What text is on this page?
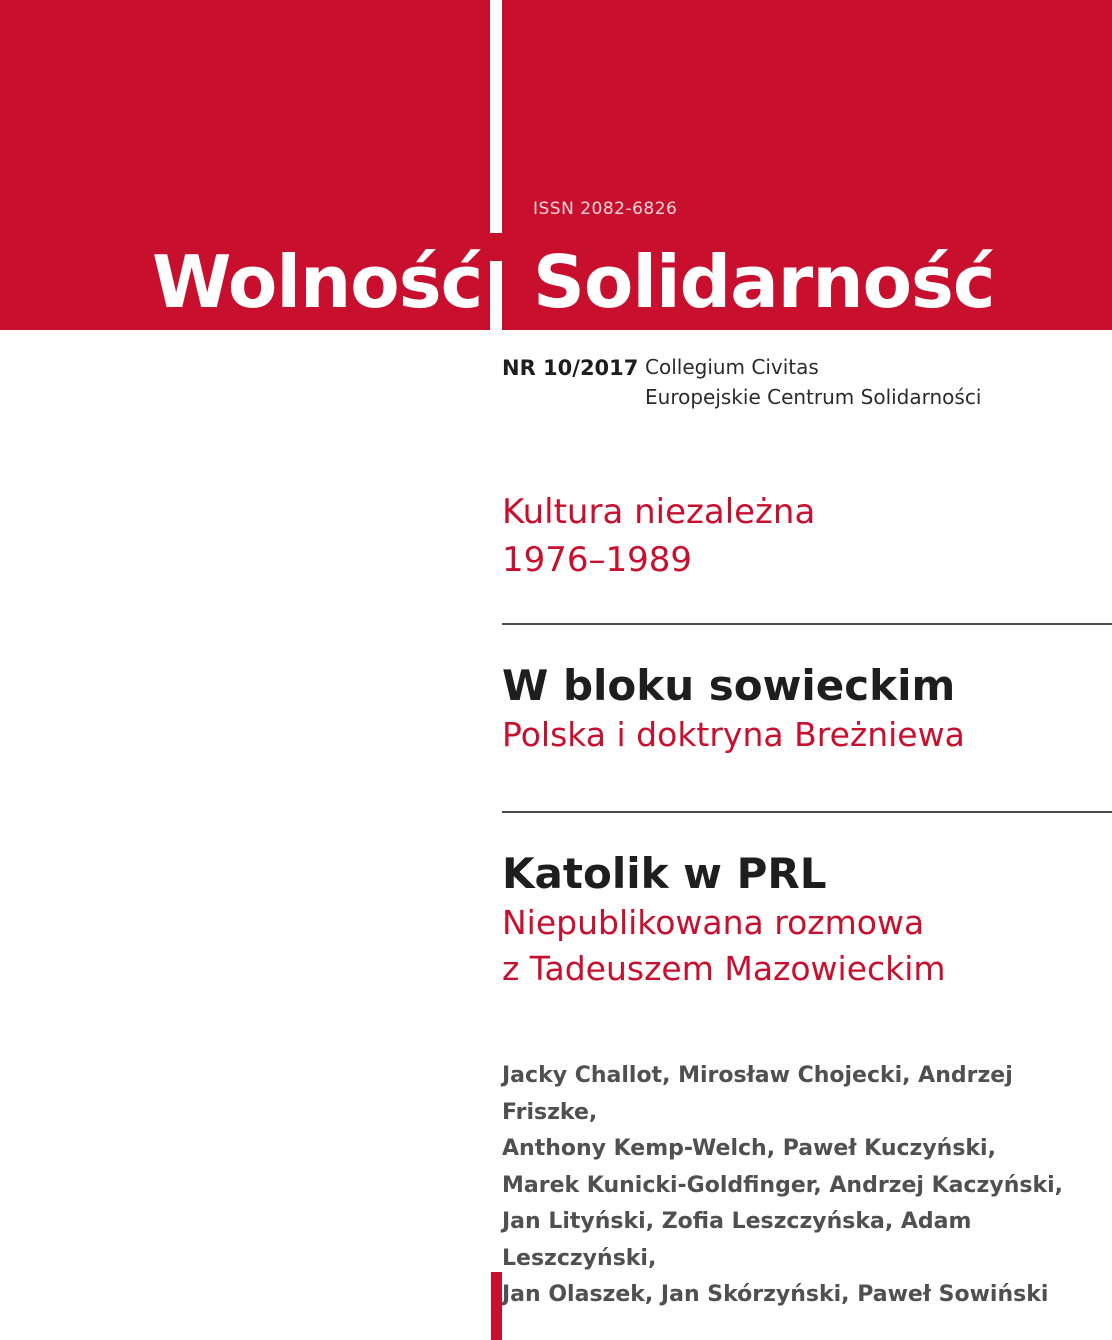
ISSN 2082-6826
Wolność Solidarność
NR 10/2017 Collegium Civitas
Europejskie Centrum Solidarności
Kultura niezależna
1976–1989
W bloku sowieckim
Polska i doktryna Breżniewa
Katolik w PRL
Niepublikowana rozmowa
z Tadeuszem Mazowieckim
Jacky Challot, Mirosław Chojecki, Andrzej Friszke,
Anthony Kemp-Welch, Paweł Kuczyński,
Marek Kunicki-Goldfinger, Andrzej Kaczyński,
Jan Lityński, Zofia Leszczyńska, Adam Leszczyński,
Jan Olaszek, Jan Skórzyński, Paweł Sowiński
